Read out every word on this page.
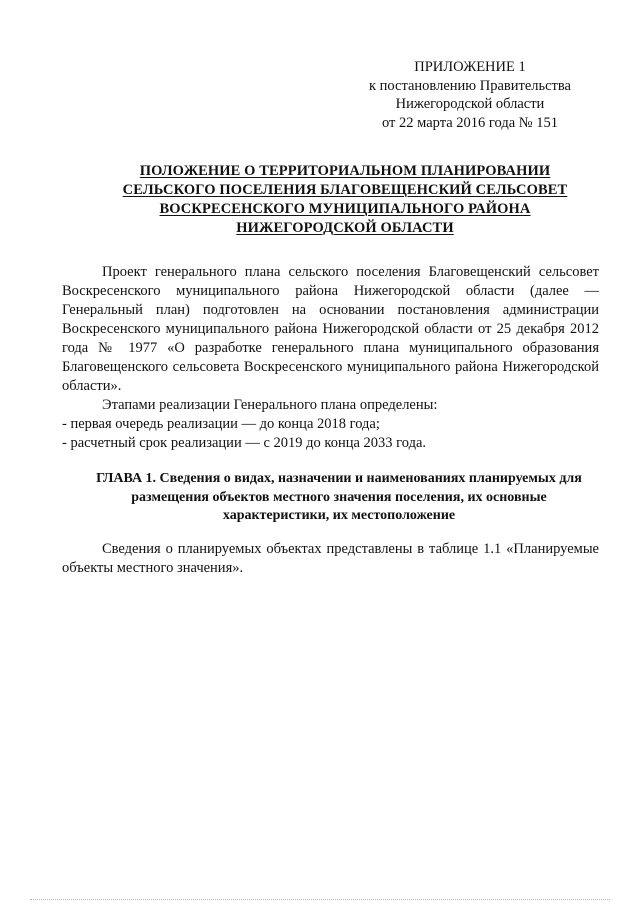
ПРИЛОЖЕНИЕ 1
к постановлению Правительства
Нижегородской области
от 22 марта 2016 года № 151
ПОЛОЖЕНИЕ О ТЕРРИТОРИАЛЬНОМ ПЛАНИРОВАНИИ
СЕЛЬСКОГО ПОСЕЛЕНИЯ БЛАГОВЕЩЕНСКИЙ СЕЛЬСОВЕТ
ВОСКРЕСЕНСКОГО МУНИЦИПАЛЬНОГО РАЙОНА
НИЖЕГОРОДСКОЙ ОБЛАСТИ

Проект генерального плана сельского поселения Благовещенский сельсовет Воскресенского муниципального района Нижегородской области (далее — Генеральный план) подготовлен на основании постановления администрации Воскресенского муниципального района Нижегородской области от 25 декабря 2012 года № 1977 «О разработке генерального плана муниципального образования Благовещенского сельсовета Воскресенского муниципального района Нижегородской области».

Этапами реализации Генерального плана определены:

- первая очередь реализации — до конца 2018 года;

- расчетный срок реализации — с 2019 до конца 2033 года.

ГЛАВА 1. Сведения о видах, назначении и наименованиях планируемых для размещения объектов местного значения поселения, их основные характеристики, их местоположение

Сведения о планируемых объектах представлены в таблице 1.1 «Планируемые объекты местного значения».
